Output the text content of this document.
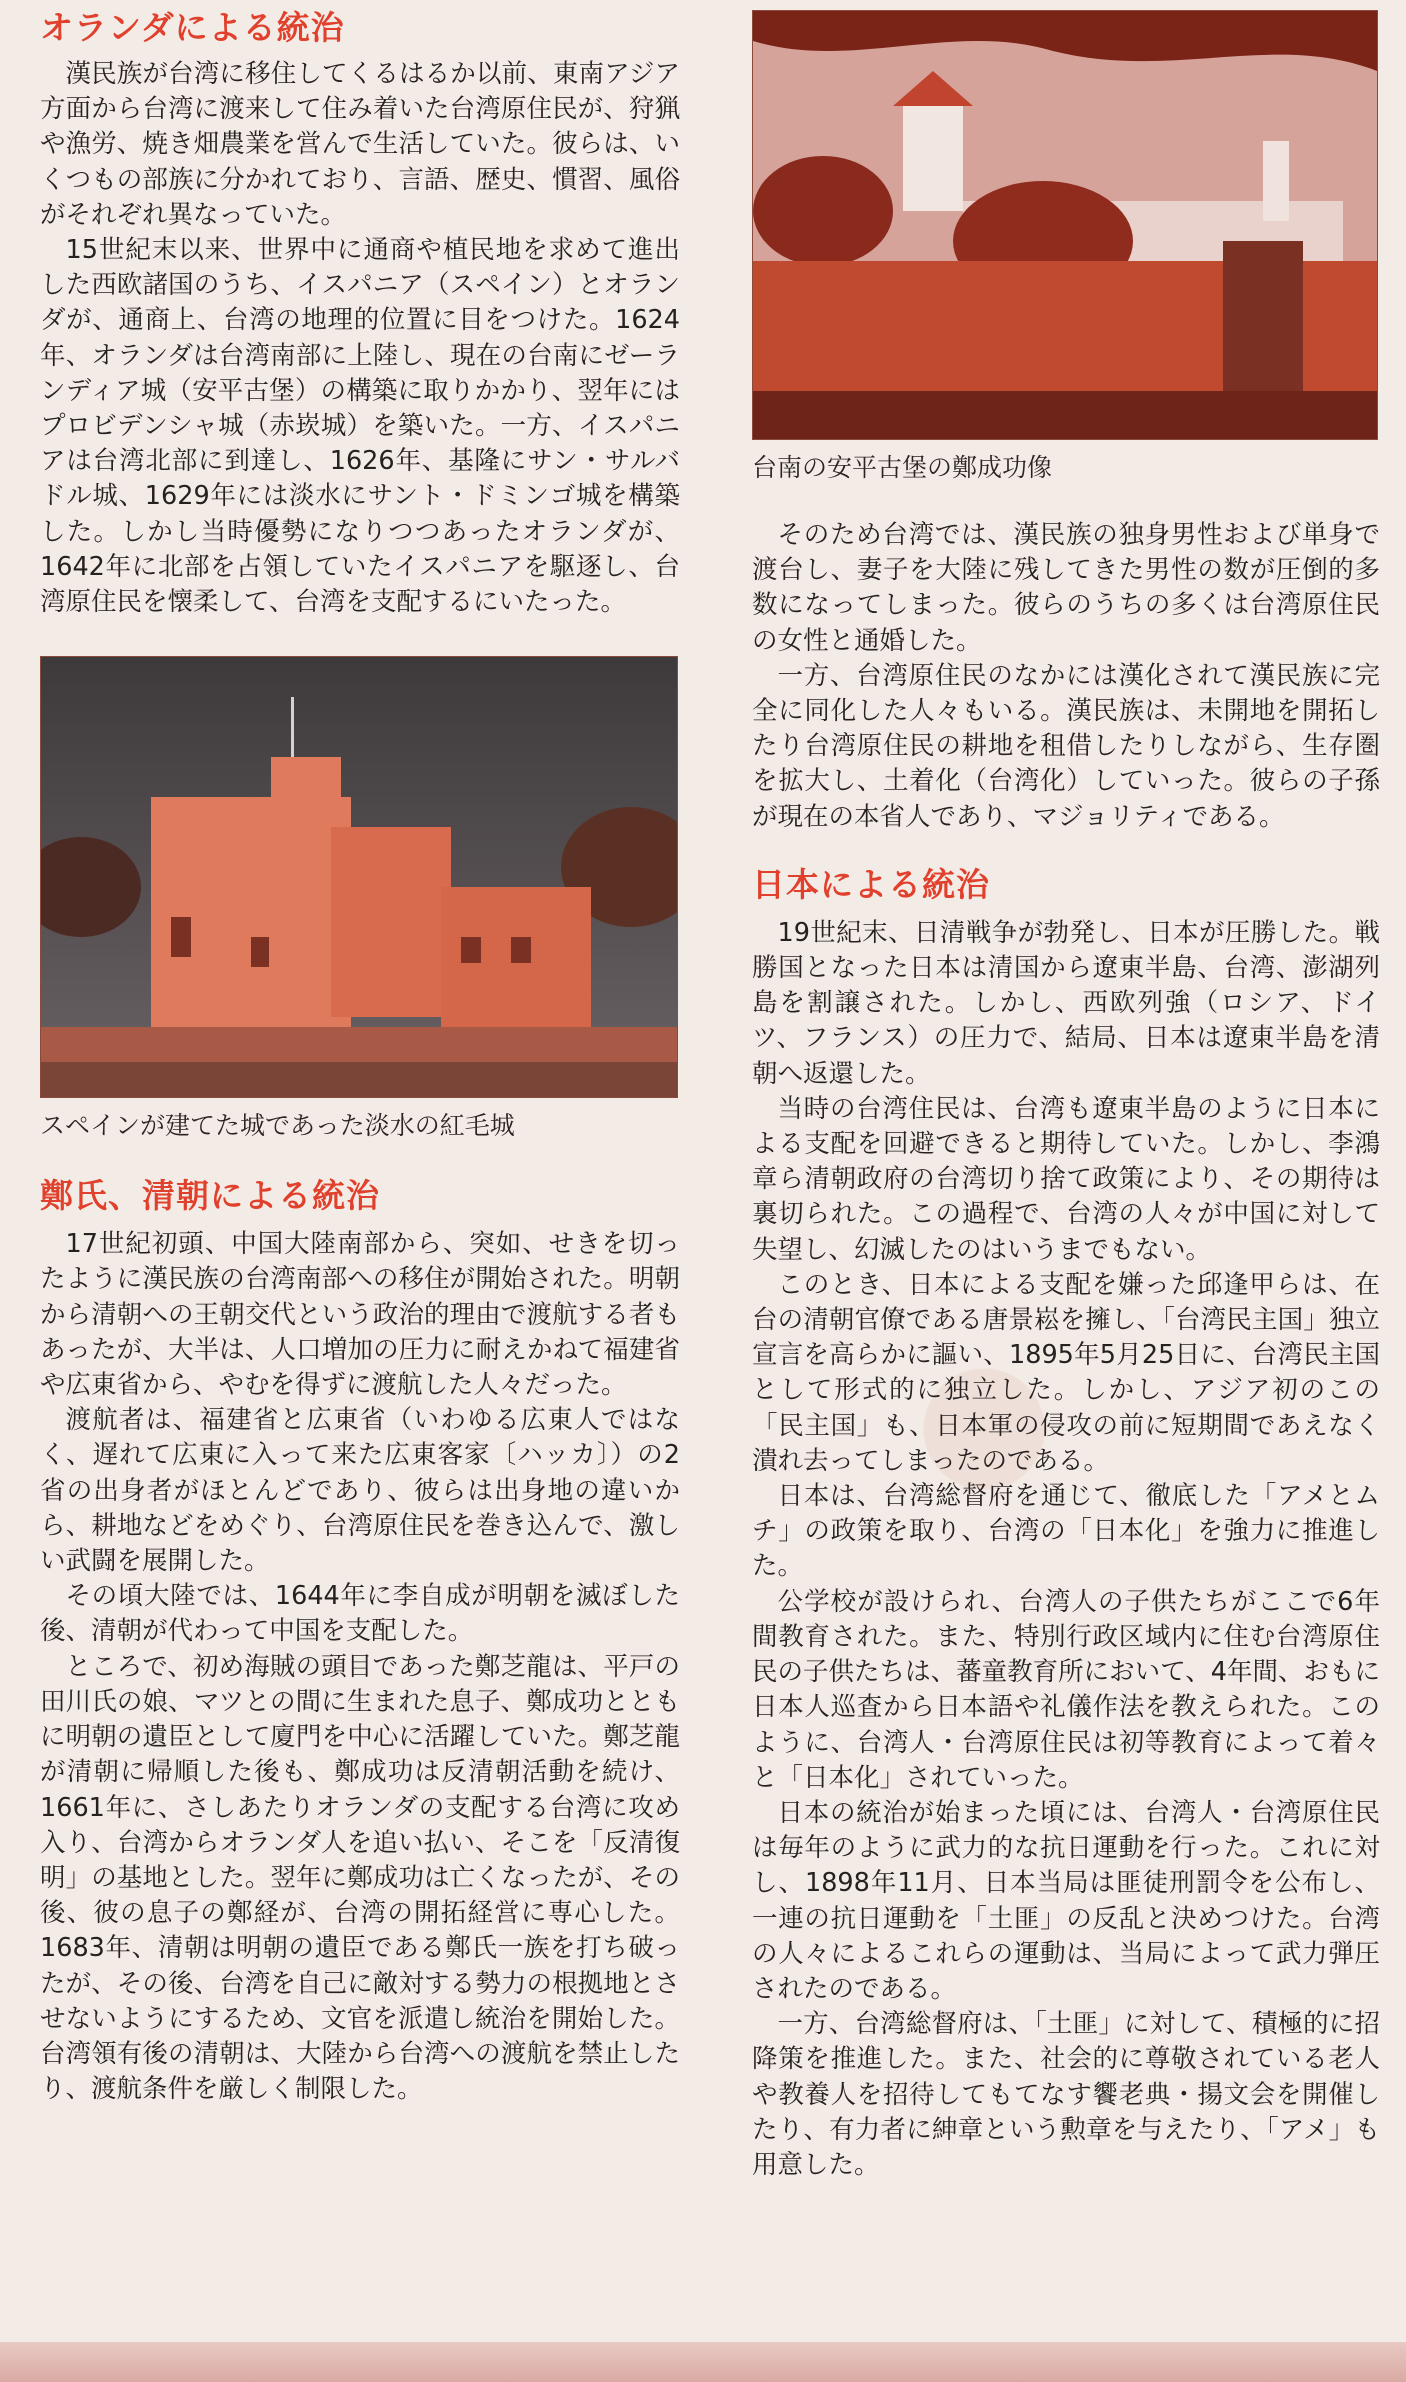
オランダによる統治

漢民族が台湾に移住してくるはるか以前、東南アジア方面から台湾に渡来して住み着いた台湾原住民が、狩猟や漁労、焼き畑農業を営んで生活していた。彼らは、いくつもの部族に分かれており、言語、歴史、慣習、風俗がそれぞれ異なっていた。

15世紀末以来、世界中に通商や植民地を求めて進出した西欧諸国のうち、イスパニア（スペイン）とオランダが、通商上、台湾の地理的位置に目をつけた。1624年、オランダは台湾南部に上陸し、現在の台南にゼーランディア城（安平古堡）の構築に取りかかり、翌年にはプロビデンシャ城（赤崁城）を築いた。一方、イスパニアは台湾北部に到達し、1626年、基隆にサン・サルバドル城、1629年には淡水にサント・ドミンゴ城を構築した。しかし当時優勢になりつつあったオランダが、1642年に北部を占領していたイスパニアを駆逐し、台湾原住民を懐柔して、台湾を支配するにいたった。

スペインが建てた城であった淡水の紅毛城
鄭氏、清朝による統治

17世紀初頭、中国大陸南部から、突如、せきを切ったように漢民族の台湾南部への移住が開始された。明朝から清朝への王朝交代という政治的理由で渡航する者もあったが、大半は、人口増加の圧力に耐えかねて福建省や広東省から、やむを得ずに渡航した人々だった。

渡航者は、福建省と広東省（いわゆる広東人ではなく、遅れて広東に入って来た広東客家〔ハッカ〕）の2省の出身者がほとんどであり、彼らは出身地の違いから、耕地などをめぐり、台湾原住民を巻き込んで、激しい武闘を展開した。

その頃大陸では、1644年に李自成が明朝を滅ぼした後、清朝が代わって中国を支配した。

ところで、初め海賊の頭目であった鄭芝龍は、平戸の田川氏の娘、マツとの間に生まれた息子、鄭成功とともに明朝の遺臣として廈門を中心に活躍していた。鄭芝龍が清朝に帰順した後も、鄭成功は反清朝活動を続け、1661年に、さしあたりオランダの支配する台湾に攻め入り、台湾からオランダ人を追い払い、そこを「反清復明」の基地とした。翌年に鄭成功は亡くなったが、その後、彼の息子の鄭経が、台湾の開拓経営に専心した。1683年、清朝は明朝の遺臣である鄭氏一族を打ち破ったが、その後、台湾を自己に敵対する勢力の根拠地とさせないようにするため、文官を派遣し統治を開始した。台湾領有後の清朝は、大陸から台湾への渡航を禁止したり、渡航条件を厳しく制限した。

台南の安平古堡の鄭成功像

そのため台湾では、漢民族の独身男性および単身で渡台し、妻子を大陸に残してきた男性の数が圧倒的多数になってしまった。彼らのうちの多くは台湾原住民の女性と通婚した。

一方、台湾原住民のなかには漢化されて漢民族に完全に同化した人々もいる。漢民族は、未開地を開拓したり台湾原住民の耕地を租借したりしながら、生存圏を拡大し、土着化（台湾化）していった。彼らの子孫が現在の本省人であり、マジョリティである。

日本による統治

19世紀末、日清戦争が勃発し、日本が圧勝した。戦勝国となった日本は清国から遼東半島、台湾、澎湖列島を割譲された。しかし、西欧列強（ロシア、ドイツ、フランス）の圧力で、結局、日本は遼東半島を清朝へ返還した。

当時の台湾住民は、台湾も遼東半島のように日本による支配を回避できると期待していた。しかし、李鴻章ら清朝政府の台湾切り捨て政策により、その期待は裏切られた。この過程で、台湾の人々が中国に対して失望し、幻滅したのはいうまでもない。

このとき、日本による支配を嫌った邱逢甲らは、在台の清朝官僚である唐景崧を擁し、「台湾民主国」独立宣言を高らかに謳い、1895年5月25日に、台湾民主国として形式的に独立した。しかし、アジア初のこの「民主国」も、日本軍の侵攻の前に短期間であえなく潰れ去ってしまったのである。

日本は、台湾総督府を通じて、徹底した「アメとムチ」の政策を取り、台湾の「日本化」を強力に推進した。

公学校が設けられ、台湾人の子供たちがここで6年間教育された。また、特別行政区域内に住む台湾原住民の子供たちは、蕃童教育所において、4年間、おもに日本人巡査から日本語や礼儀作法を教えられた。このように、台湾人・台湾原住民は初等教育によって着々と「日本化」されていった。

日本の統治が始まった頃には、台湾人・台湾原住民は毎年のように武力的な抗日運動を行った。これに対し、1898年11月、日本当局は匪徒刑罰令を公布し、一連の抗日運動を「土匪」の反乱と決めつけた。台湾の人々によるこれらの運動は、当局によって武力弾圧されたのである。

一方、台湾総督府は、「土匪」に対して、積極的に招降策を推進した。また、社会的に尊敬されている老人や教養人を招待してもてなす饗老典・揚文会を開催したり、有力者に紳章という勲章を与えたり、「アメ」も用意した。
